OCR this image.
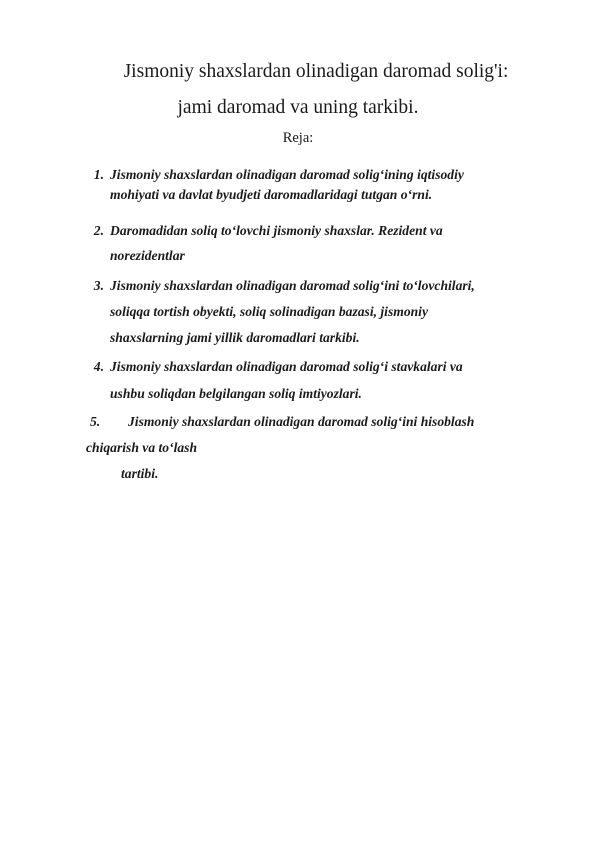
Jismoniy shaxslardan olinadigan daromad solig'i:
jami daromad va uning tarkibi.
Reja:
1. Jismoniy shaxslardan olinadigan daromad solig‘ining iqtisodiy
mohiyati va davlat byudjeti daromadlaridagi tutgan o‘rni.
2. Daromadidan soliq to‘lovchi jismoniy shaxslar. Rezident va
norezidentlar
3. Jismoniy shaxslardan olinadigan daromad solig‘ini to‘lovchilari,
soliqqa tortish obyekti, soliq solinadigan bazasi, jismoniy
shaxslarning jami yillik daromadlari tarkibi.
4. Jismoniy shaxslardan olinadigan daromad solig‘i stavkalari va
ushbu soliqdan belgilangan soliq imtiyozlari.
5. Jismoniy shaxslardan olinadigan daromad solig‘ini hisoblash
chiqarish va to‘lash
tartibi.
